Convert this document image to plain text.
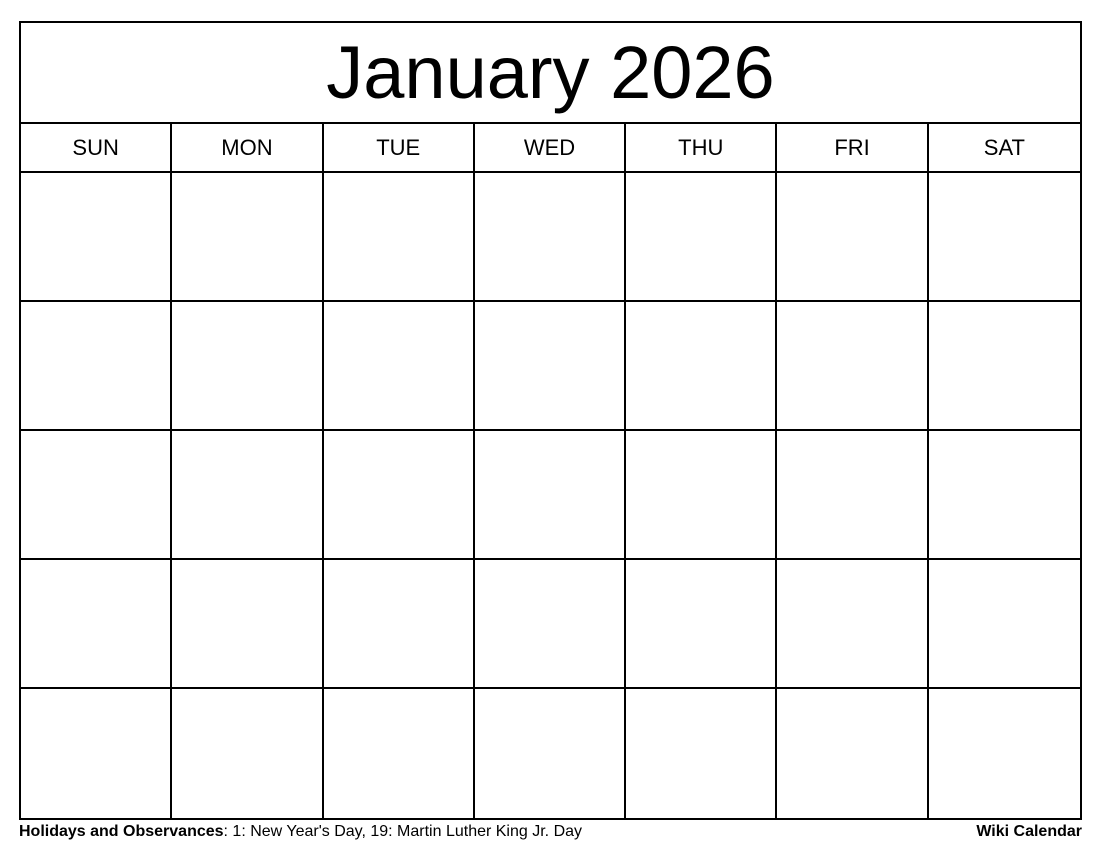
January 2026
SUN	MON	TUE	WED	THU	FRI	SAT
Holidays and Observances: 1: New Year's Day, 19: Martin Luther King Jr. Day	Wiki Calendar
